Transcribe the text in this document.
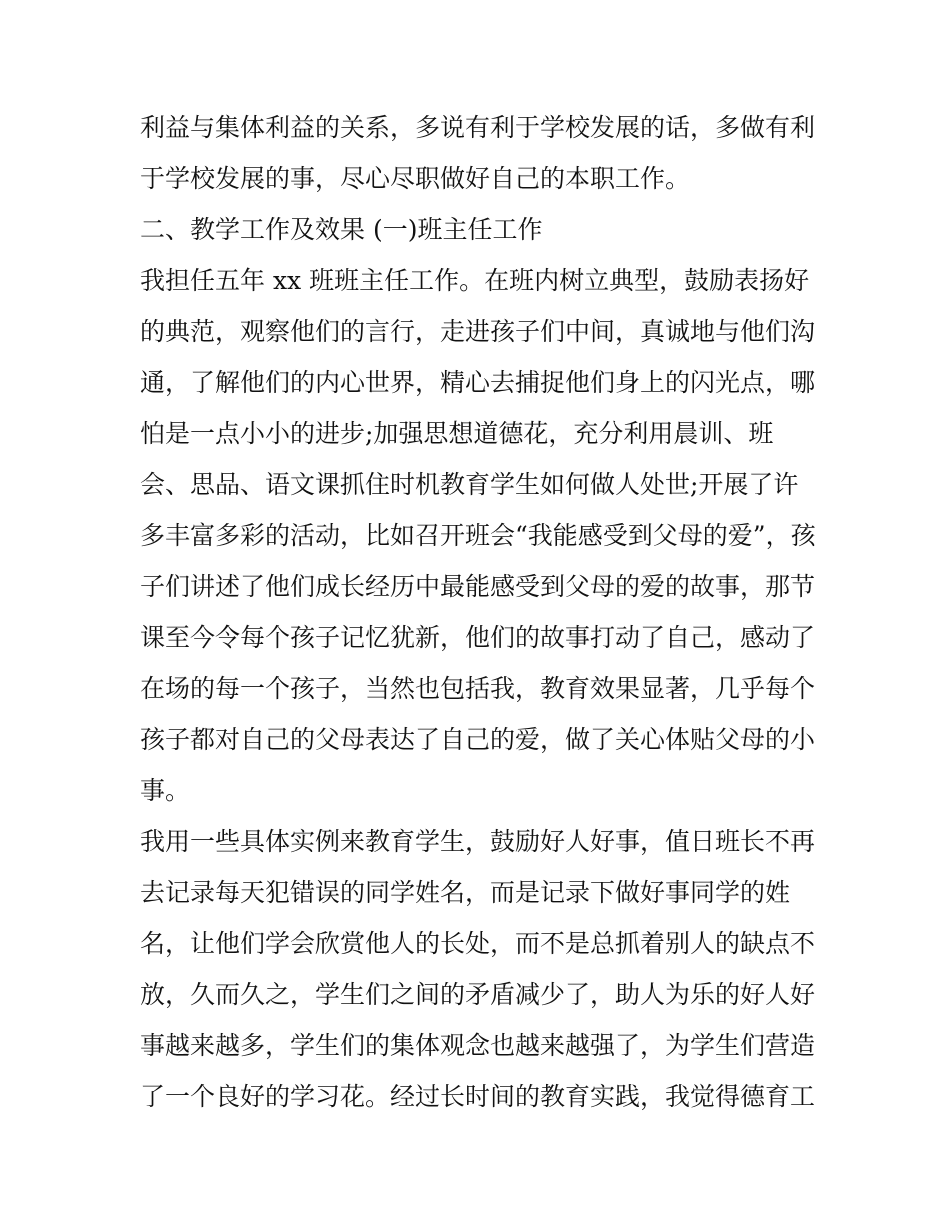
利益与集体利益的关系，多说有利于学校发展的话，多做有利
于学校发展的事，尽心尽职做好自己的本职工作。
二、教学工作及效果 (一)班主任工作
我担任五年 xx 班班主任工作。在班内树立典型，鼓励表扬好
的典范，观察他们的言行，走进孩子们中间，真诚地与他们沟
通，了解他们的内心世界，精心去捕捉他们身上的闪光点，哪
怕是一点小小的进步;加强思想道德花，充分利用晨训、班
会、思品、语文课抓住时机教育学生如何做人处世;开展了许
多丰富多彩的活动，比如召开班会“我能感受到父母的爱”，孩
子们讲述了他们成长经历中最能感受到父母的爱的故事，那节
课至今令每个孩子记忆犹新，他们的故事打动了自己，感动了
在场的每一个孩子，当然也包括我，教育效果显著，几乎每个
孩子都对自己的父母表达了自己的爱，做了关心体贴父母的小
事。
我用一些具体实例来教育学生，鼓励好人好事，值日班长不再
去记录每天犯错误的同学姓名，而是记录下做好事同学的姓
名，让他们学会欣赏他人的长处，而不是总抓着别人的缺点不
放，久而久之，学生们之间的矛盾减少了，助人为乐的好人好
事越来越多，学生们的集体观念也越来越强了，为学生们营造
了一个良好的学习花。经过长时间的教育实践，我觉得德育工
